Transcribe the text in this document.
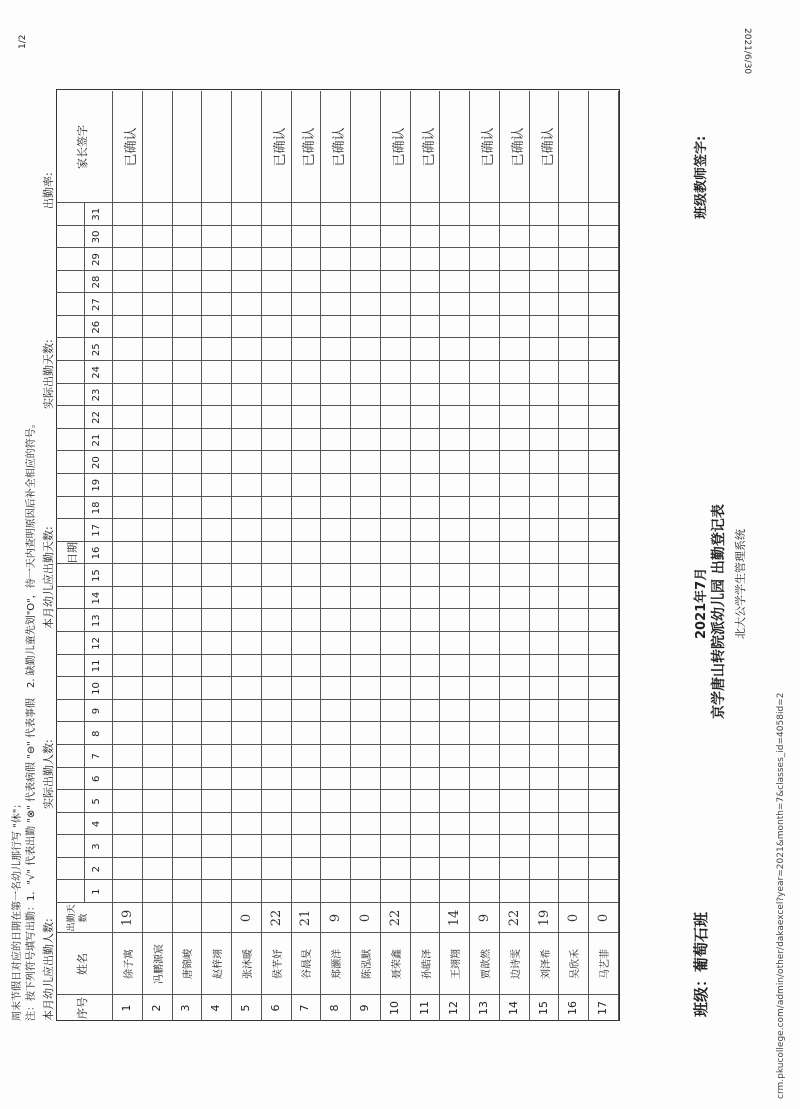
2021/6/30
北大公学学生管理系统
京学唐山转院派幼儿园 出勤登记表
2021年7月
班级：葡萄石班
班级教师签字:
序号
姓名
出勤天数
日期
家长签字
1
2
3
4
5
6
7
8
9
10
11
12
13
14
15
16
17
18
19
20
21
22
23
24
25
26
27
28
29
30
31
1
徐子寓
19
已确认
2
冯鹏源宸
3
唐锦峻
4
赵梓翊
5
张沐暖
0
6
侯芊妤
22
已确认
7
谷晨旻
21
已确认
8
郑灏洋
9
已确认
9
陈泓默
0
10
聂荣鑫
22
已确认
11
孙皓泽
已确认
12
王翊翔
14
13
贾歆然
9
已确认
14
边诗雯
22
已确认
15
刘泽希
19
已确认
16
吴欣禾
0
17
马艺菲
0
本月幼儿应出勤人数:
实际出勤人数:
本月幼儿应出勤天数:
实际出勤天数:
出勤率:
注：按下列符号填写出勤：1．"√" 代表出勤 "⊗" 代表病假 "⊖" 代表事假　2. 缺勤儿童先划"O"，待一天内查明原因后补全相应的符号。
周末节假日对应的日期在第一名幼儿那行写 "休"；	crm.pkucollege.com/admin/other/dakaexcel?year=2021&month=7&classes_id=4058id=2
1/2
